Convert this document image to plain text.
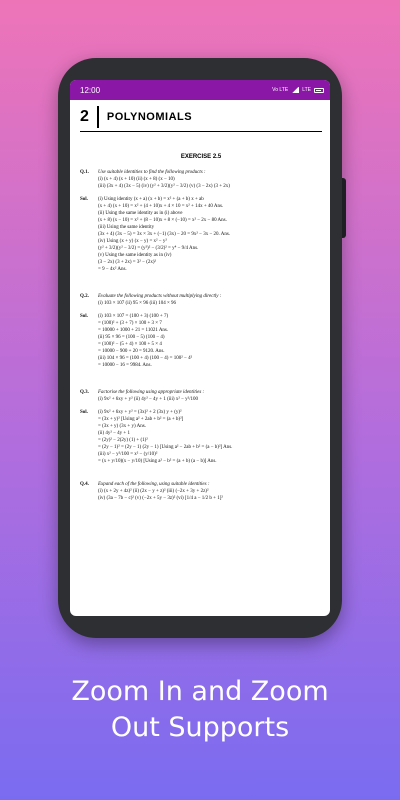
12:00	Vo LTE	LTE
2	POLYNOMIALS
EXERCISE 2.5
Q.1.	Use suitable identities to find the following products :

(i) (x + 4) (x + 10) (ii) (x + 8) (x − 10)

(iii) (3x + 4) (3x − 5) (iv) (y² + 3/2)(y² − 3/2) (v) (3 − 2x) (3 + 2x)

Sol.	(i) Using identity (x + a) (x + b) = x² + (a + b) x + ab

(x + 4) (x + 10) = x² + (4 + 10)x + 4 × 10 = x² + 14x + 40 Ans.

(ii) Using the same identity as in (i) above

(x + 8) (x − 10) = x² + (8 − 10)x + 8 × (−10) = x² − 2x − 80 Ans.

(iii) Using the same identity

(3x + 4) (3x − 5) = 3x × 3x + (−1) (3x) − 20 = 9x² − 3x − 20. Ans.

(iv) Using (x + y) (x − y) = x² − y²

(y² + 3/2)(y² − 3/2) = (y²)² − (3/2)² = y⁴ − 9/4 Ans.

(v) Using the same identity as in (iv)

(3 − 2x) (3 + 2x) = 3² − (2x)²

= 9 − 4x² Ans.

Q.2.	Evaluate the following products without multiplying directly :

(i) 103 × 107 (ii) 95 × 96 (iii) 104 × 96

Sol.	(i) 103 × 107 = (100 + 3) (100 + 7)

= (100)² + (3 + 7) × 100 + 3 × 7

= 10000 + 1000 + 21 = 11021 Ans.

(ii) 95 × 96 = (100 − 5) (100 − 4)

= (100)² − (5 + 4) × 100 + 5 × 4

= 10000 − 900 + 20 = 9120. Ans.

(iii) 104 × 96 = (100 + 4) (100 − 4) = 100² − 4²

= 10000 − 16 = 9984. Ans.

Q.3.	Factorise the following using appropriate identities :

(i) 9x² + 6xy + y² (ii) 4y² − 4y + 1 (iii) x² − y²/100

Sol.	(i) 9x² + 6xy + y² = (3x)² + 2 (3x) y + (y)²

= (3x + y)² [Using a² + 2ab + b² = (a + b)²]

= (3x + y) (3x + y) Ans.

(ii) 4y² − 4y + 1

= (2y)² − 2(2y) (1) + (1)²

= (2y − 1)² = (2y − 1) (2y − 1) [Using a² − 2ab + b² = (a − b)²] Ans.

(iii) x² − y²/100 = x² − (y/10)²

= (x + y/10)(x − y/10) [Using a² − b² = (a + b) (a − b)] Ans.

Q.4.	Expand each of the following, using suitable identities :

(i) (x + 2y + 4z)² (ii) (2x − y + z)² (iii) (−2x + 3y + 2z)²

(iv) (3a − 7b − c)² (v) (−2x + 5y − 3z)² (vi) [1/4 a − 1/2 b + 1]²

Zoom In and Zoom
Out Supports
